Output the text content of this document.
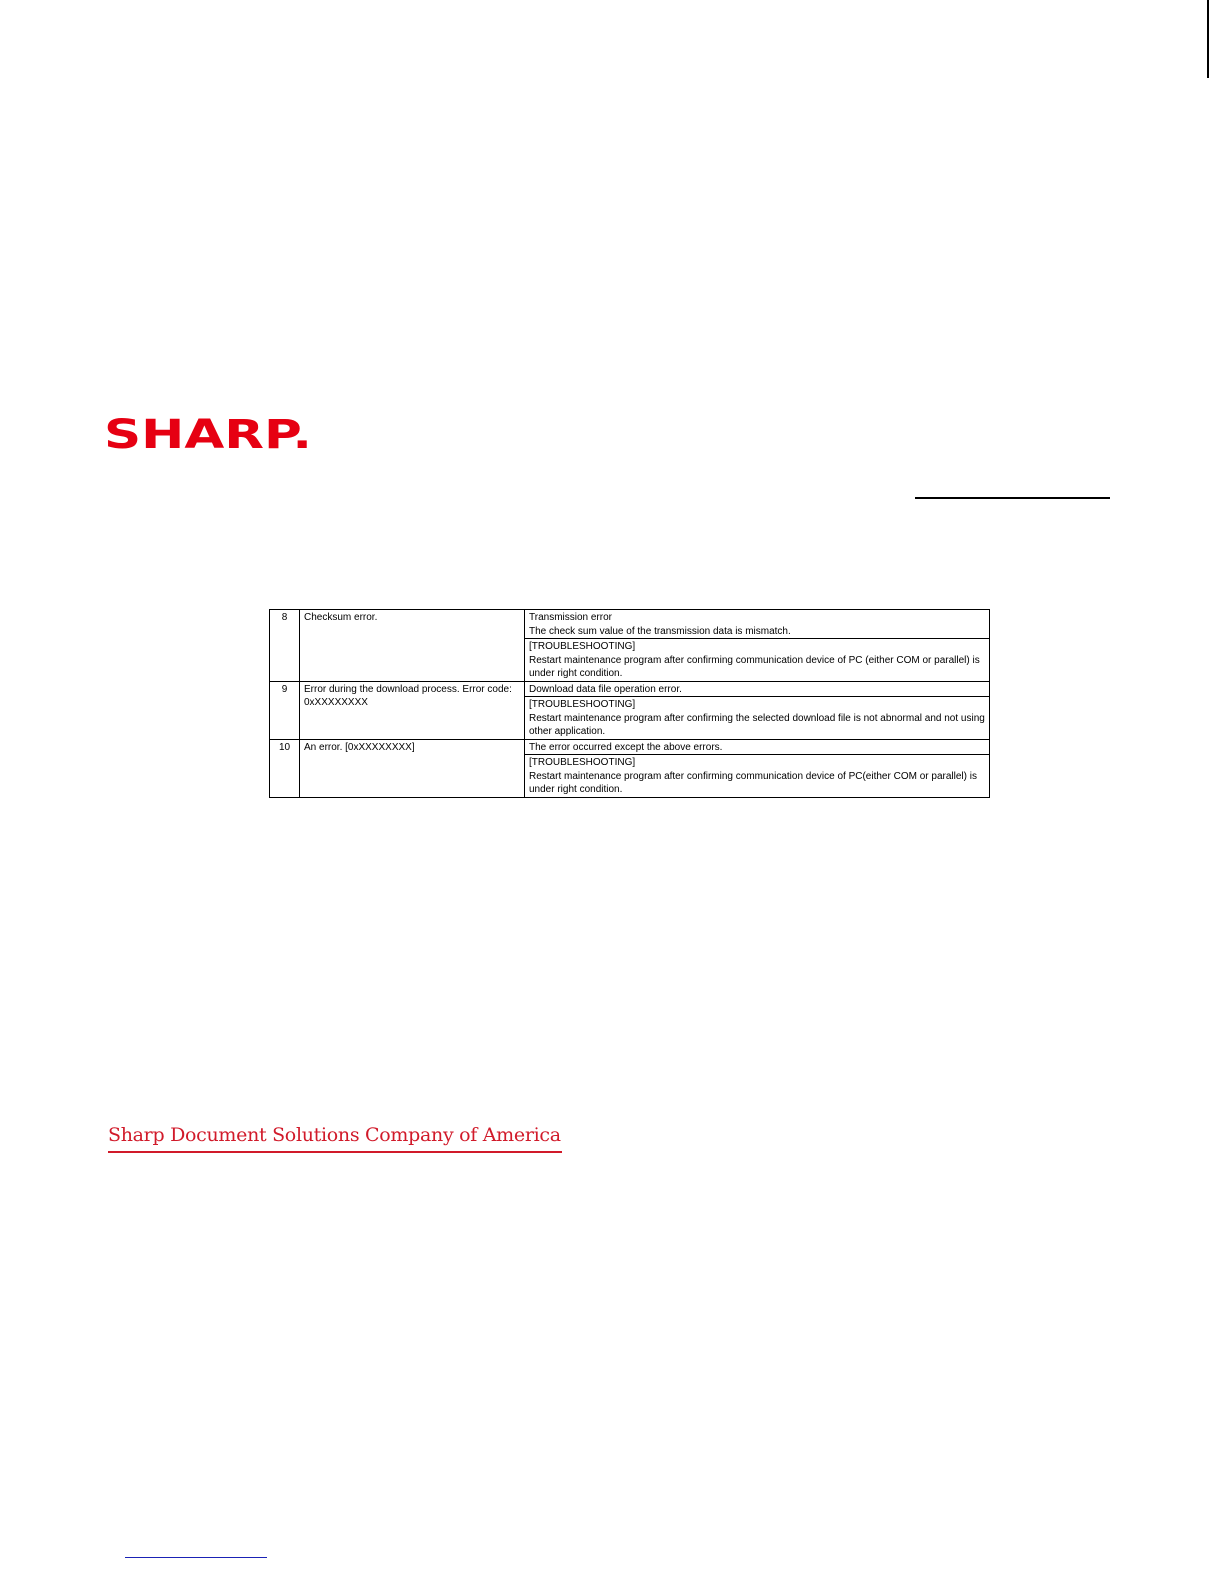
SHARP.
8	Checksum error.	Transmission error
The check sum value of the transmission data is mismatch.
		[TROUBLESHOOTING]
Restart maintenance program after confirming communication device of PC (either COM or parallel) is under right condition.
9	Error during the download process. Error code: 0xXXXXXXXX	Download data file operation error.
		[TROUBLESHOOTING]
Restart maintenance program after confirming the selected download file is not abnormal and not using other application.
10	An error. [0xXXXXXXXX]	The error occurred except the above errors.
		[TROUBLESHOOTING]
Restart maintenance program after confirming communication device of PC(either COM or parallel) is under right condition.
Sharp Document Solutions Company of America
